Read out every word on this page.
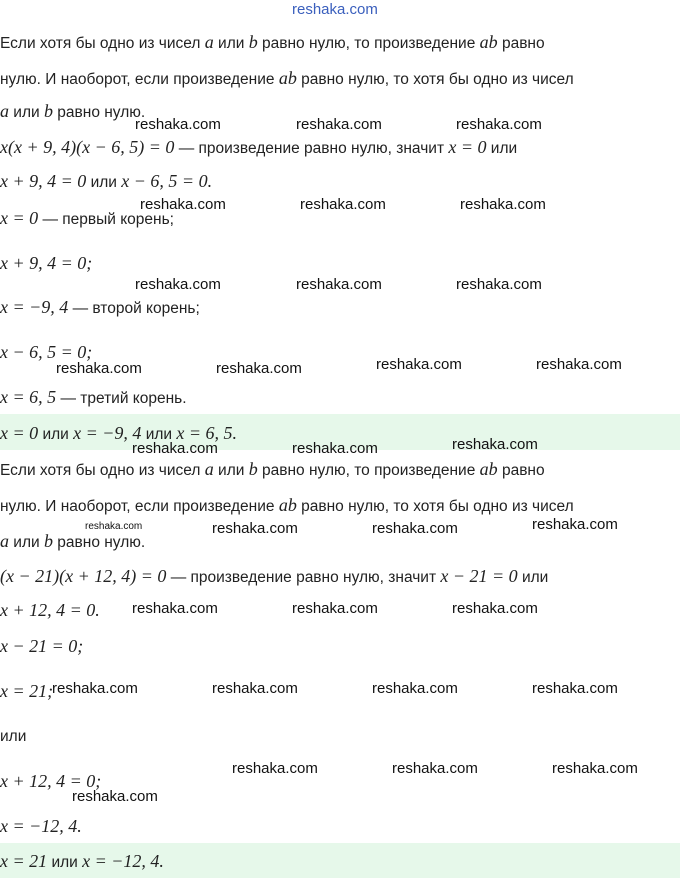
reshaka.com
Если хотя бы одно из чисел a или b равно нулю, то произведение ab равно
нулю. И наоборот, если произведение ab равно нулю, то хотя бы одно из чисел
a или b равно нулю.
x(x + 9, 4)(x − 6, 5) = 0 — произведение равно нулю, значит x = 0 или
x + 9, 4 = 0 или x − 6, 5 = 0.
x = 0 — первый корень;
x + 9, 4 = 0;
x = −9, 4 — второй корень;
x − 6, 5 = 0;
x = 6, 5 — третий корень.
x = 0 или x = −9, 4 или x = 6, 5.
Если хотя бы одно из чисел a или b равно нулю, то произведение ab равно
нулю. И наоборот, если произведение ab равно нулю, то хотя бы одно из чисел
a или b равно нулю.
(x − 21)(x + 12, 4) = 0 — произведение равно нулю, значит x − 21 = 0 или
x + 12, 4 = 0.
x − 21 = 0;
x = 21;
или
x + 12, 4 = 0;
x = −12, 4.
x = 21 или x = −12, 4.
reshaka.com	reshaka.com	reshaka.com
reshaka.com	reshaka.com	reshaka.com
reshaka.com	reshaka.com	reshaka.com
reshaka.com	reshaka.com	reshaka.com	reshaka.com
reshaka.com	reshaka.com	reshaka.com
reshaka.com	reshaka.com	reshaka.com	reshaka.com
reshaka.com	reshaka.com	reshaka.com
reshaka.com	reshaka.com	reshaka.com	reshaka.com
reshaka.com	reshaka.com	reshaka.com
reshaka.com
